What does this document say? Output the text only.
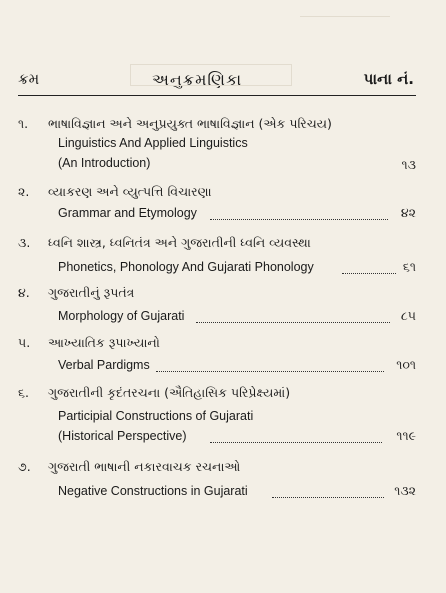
ક્રમ	અનુક્રમણિકા	પાના નં.
૧.	ભાષાવિજ્ઞાન અને અનુપ્રયુક્ત ભાષાવિજ્ઞાન (એક પરિચય)
Linguistics And Applied Linguistics
(An Introduction)	૧૩
૨.	વ્યાકરણ અને વ્યુત્પત્તિ વિચારણા
Grammar and Etymology	૪૨
૩.	ધ્વનિ શાસ્ત્ર, ધ્વનિતંત્ર અને ગુજરાતીની ધ્વનિ વ્યવસ્થા
Phonetics, Phonology And Gujarati Phonology	૬૧
૪.	ગુજરાતીનું રૂપતંત્ર
Morphology of Gujarati	૮૫
૫.	આખ્યાતિક રૂપાખ્યાનો
Verbal Pardigms	૧૦૧
૬.	ગુજરાતીની કૃદંતરચના (ઐતિહાસિક પરિપ્રેક્ષ્યમાં)
Participial Constructions of Gujarati
(Historical Perspective)	૧૧૯
૭.	ગુજરાતી ભાષાની નકારવાચક રચનાઓ
Negative Constructions in Gujarati	૧૩૨
